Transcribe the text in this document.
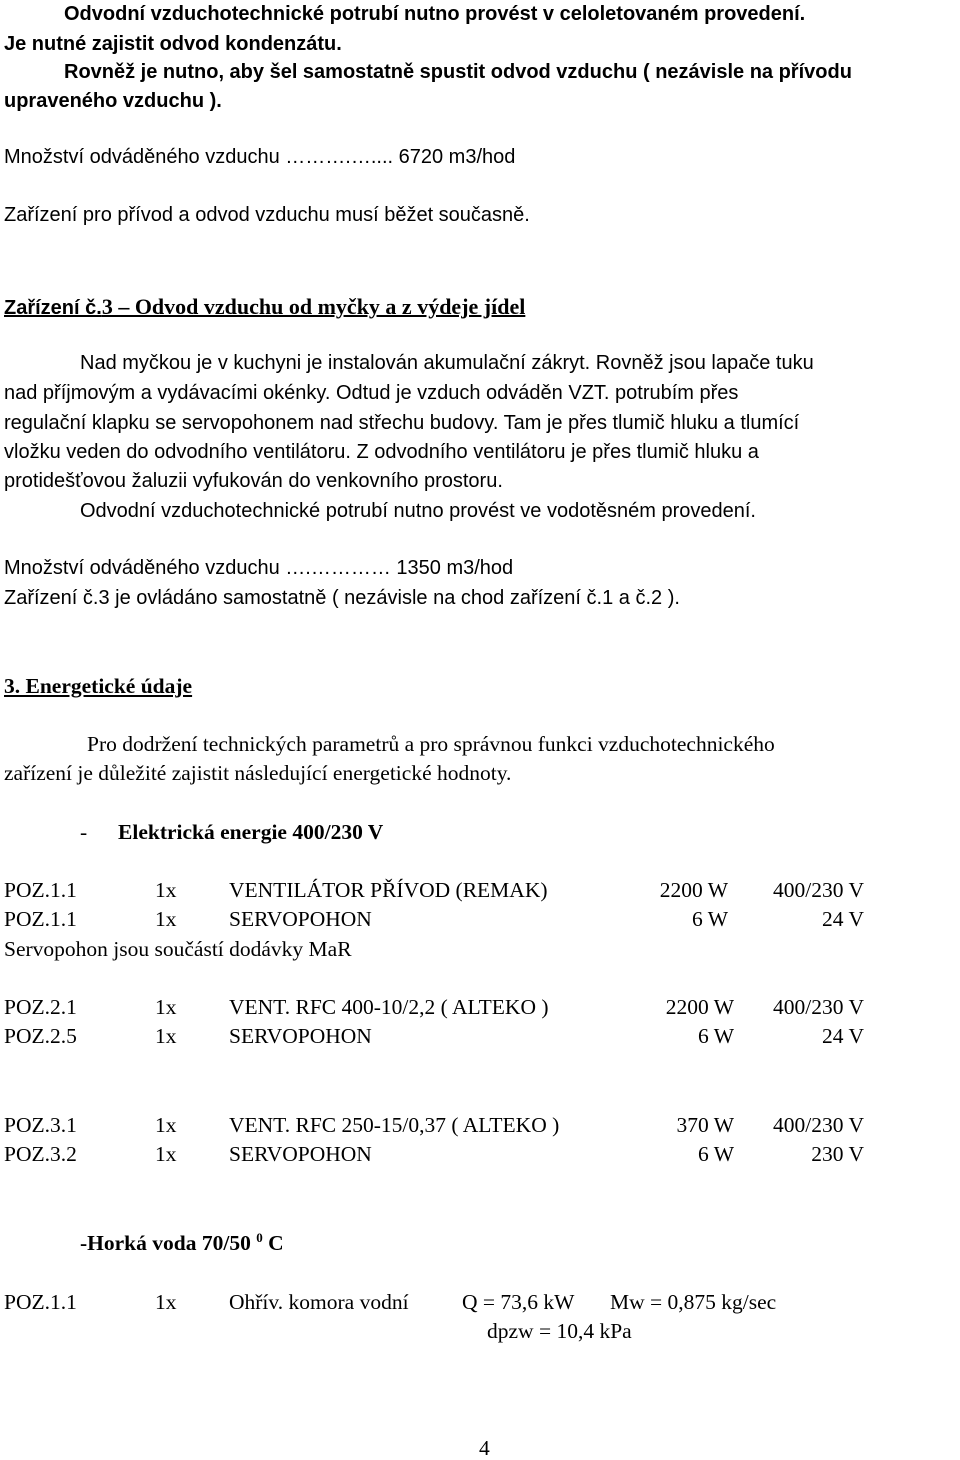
Odvodní vzduchotechnické potrubí nutno provést v celoletovaném provedení.
Je nutné zajistit odvod kondenzátu.
Rovněž je nutno, aby šel samostatně spustit odvod vzduchu ( nezávisle na přívodu
upraveného vzduchu ).
Množství odváděného vzduchu ……….….... 6720 m3/hod
Zařízení pro přívod a odvod vzduchu musí běžet současně.
Zařízení č.3 – Odvod vzduchu od myčky a z výdeje jídel
Nad myčkou je v kuchyni je instalován akumulační zákryt. Rovněž jsou lapače tuku
nad příjmovým a vydávacími okénky. Odtud je vzduch odváděn VZT. potrubím přes
regulační klapku se servopohonem nad střechu budovy. Tam je přes tlumič hluku a tlumící
vložku veden do odvodního ventilátoru. Z odvodního ventilátoru je přes tlumič hluku a
protidešťovou žaluzii vyfukován do venkovního prostoru.
Odvodní vzduchotechnické potrubí nutno provést ve vodotěsném provedení.
Množství odváděného vzduchu ….………… 1350 m3/hod
Zařízení č.3 je ovládáno samostatně ( nezávisle na chod zařízení č.1 a č.2 ).
3. Energetické údaje
Pro dodržení technických parametrů a pro správnou funkci vzduchotechnického
zařízení je důležité zajistit následující energetické hodnoty.
- Elektrická energie 400/230 V
POZ.1.1	1x VENTILÁTOR PŘÍVOD (REMAK)	2200 W	400/230 V
POZ.1.1	1x SERVOPOHON	6 W	24 V
Servopohon jsou součástí dodávky MaR
POZ.2.1	1x VENT. RFC 400-10/2,2 ( ALTEKO )	2200 W	400/230 V
POZ.2.5	1x SERVOPOHON	6 W	24 V
POZ.3.1	1x VENT. RFC 250-15/0,37 ( ALTEKO )	370 W	400/230 V
POZ.3.2	1x SERVOPOHON	6 W	230 V
-Horká voda 70/50 $^0$ C
POZ.1.1	1x Ohřív. komora vodní Q = 73,6 kW Mw = 0,875 kg/sec
dpzw = 10,4 kPa
4
